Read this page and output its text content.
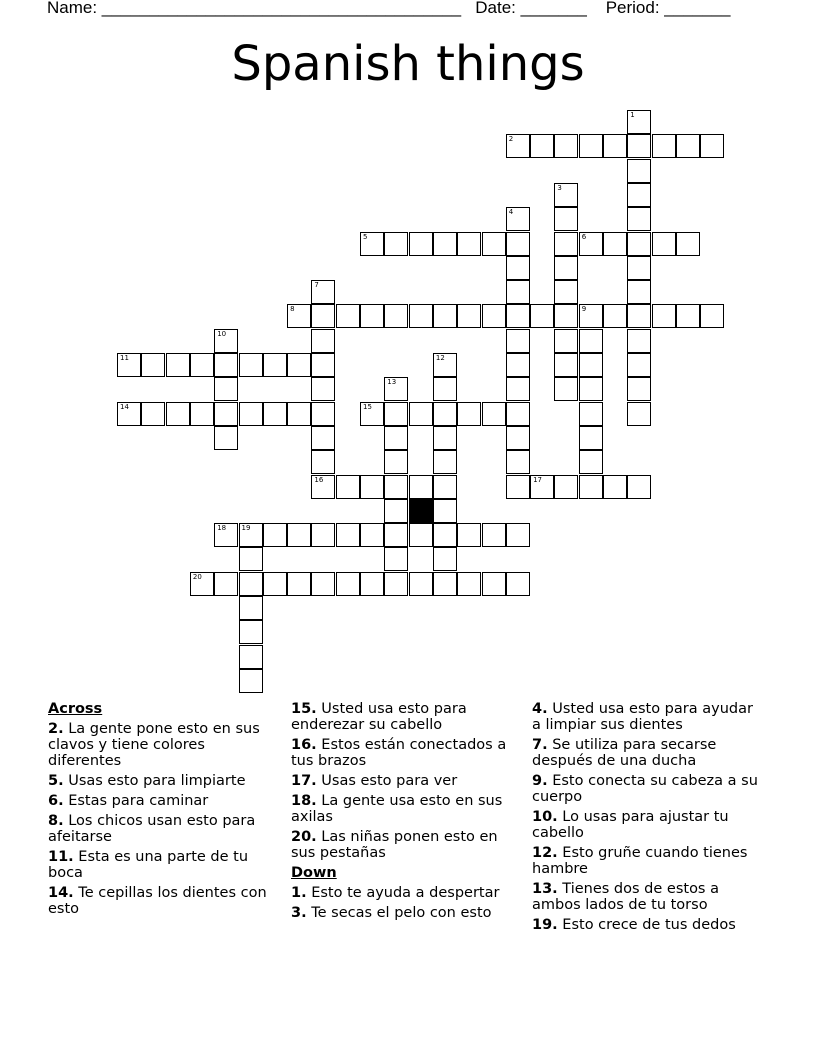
Name: ______________________________________ Date: _______ Period: _______
Spanish things
1
2
3
4
5	6
7
8	9
10
11	12
13
14	15
16	17
18 19
20
Across
2. La gente pone esto en sus clavos y tiene colores diferentes
5. Usas esto para limpiarte
6. Estas para caminar
8. Los chicos usan esto para afeitarse
11. Esta es una parte de tu boca
14. Te cepillas los dientes con esto
15. Usted usa esto para enderezar su cabello
16. Estos están conectados a tus brazos
17. Usas esto para ver
18. La gente usa esto en sus axilas
20. Las niñas ponen esto en sus pestañas
Down
1. Esto te ayuda a despertar
3. Te secas el pelo con esto
4. Usted usa esto para ayudar a limpiar sus dientes
7. Se utiliza para secarse después de una ducha
9. Esto conecta su cabeza a su cuerpo
10. Lo usas para ajustar tu cabello
12. Esto gruñe cuando tienes hambre
13. Tienes dos de estos a ambos lados de tu torso
19. Esto crece de tus dedos
